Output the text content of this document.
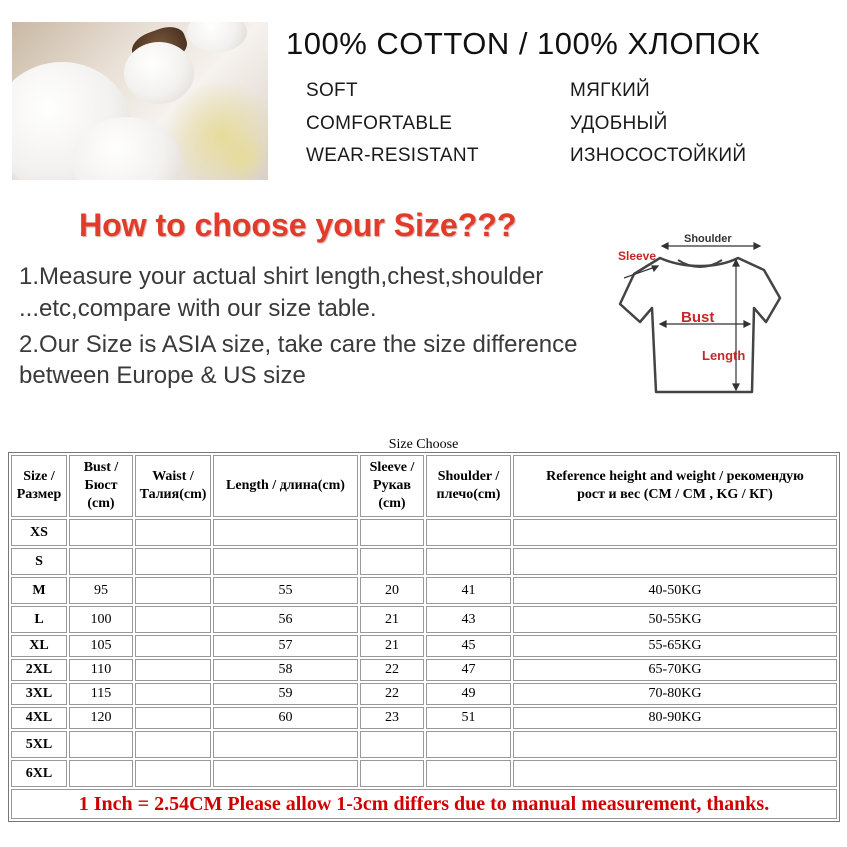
100% COTTON / 100% ХЛОПОК
SOFT
COMFORTABLE
WEAR-RESISTANT
МЯГКИЙ
УДОБНЫЙ
ИЗНОСОСТОЙКИЙ
How to choose your Size???
1.Measure your actual shirt length,chest,shoulder
...etc,compare with our size table.
2.Our Size is ASIA size, take care the size difference
between Europe & US size
Shoulder
Sleeve
Bust
Length
Size Choose
Size /
Размер	Bust /
Бюст
(cm)	Waist /
Талия(cm)	Length / длина(cm)	Sleeve /
Рукав
(cm)	Shoulder /
плечо(cm)	Reference height and weight / рекомендую
рост и вес (CM / CM , KG / КГ)
XS						
S						
M	95		55	20	41	40-50KG
L	100		56	21	43	50-55KG
XL	105		57	21	45	55-65KG
2XL	110		58	22	47	65-70KG
3XL	115		59	22	49	70-80KG
4XL	120		60	23	51	80-90KG
5XL						
6XL						
1 Inch = 2.54CM Please allow 1-3cm differs due to manual measurement, thanks.						
